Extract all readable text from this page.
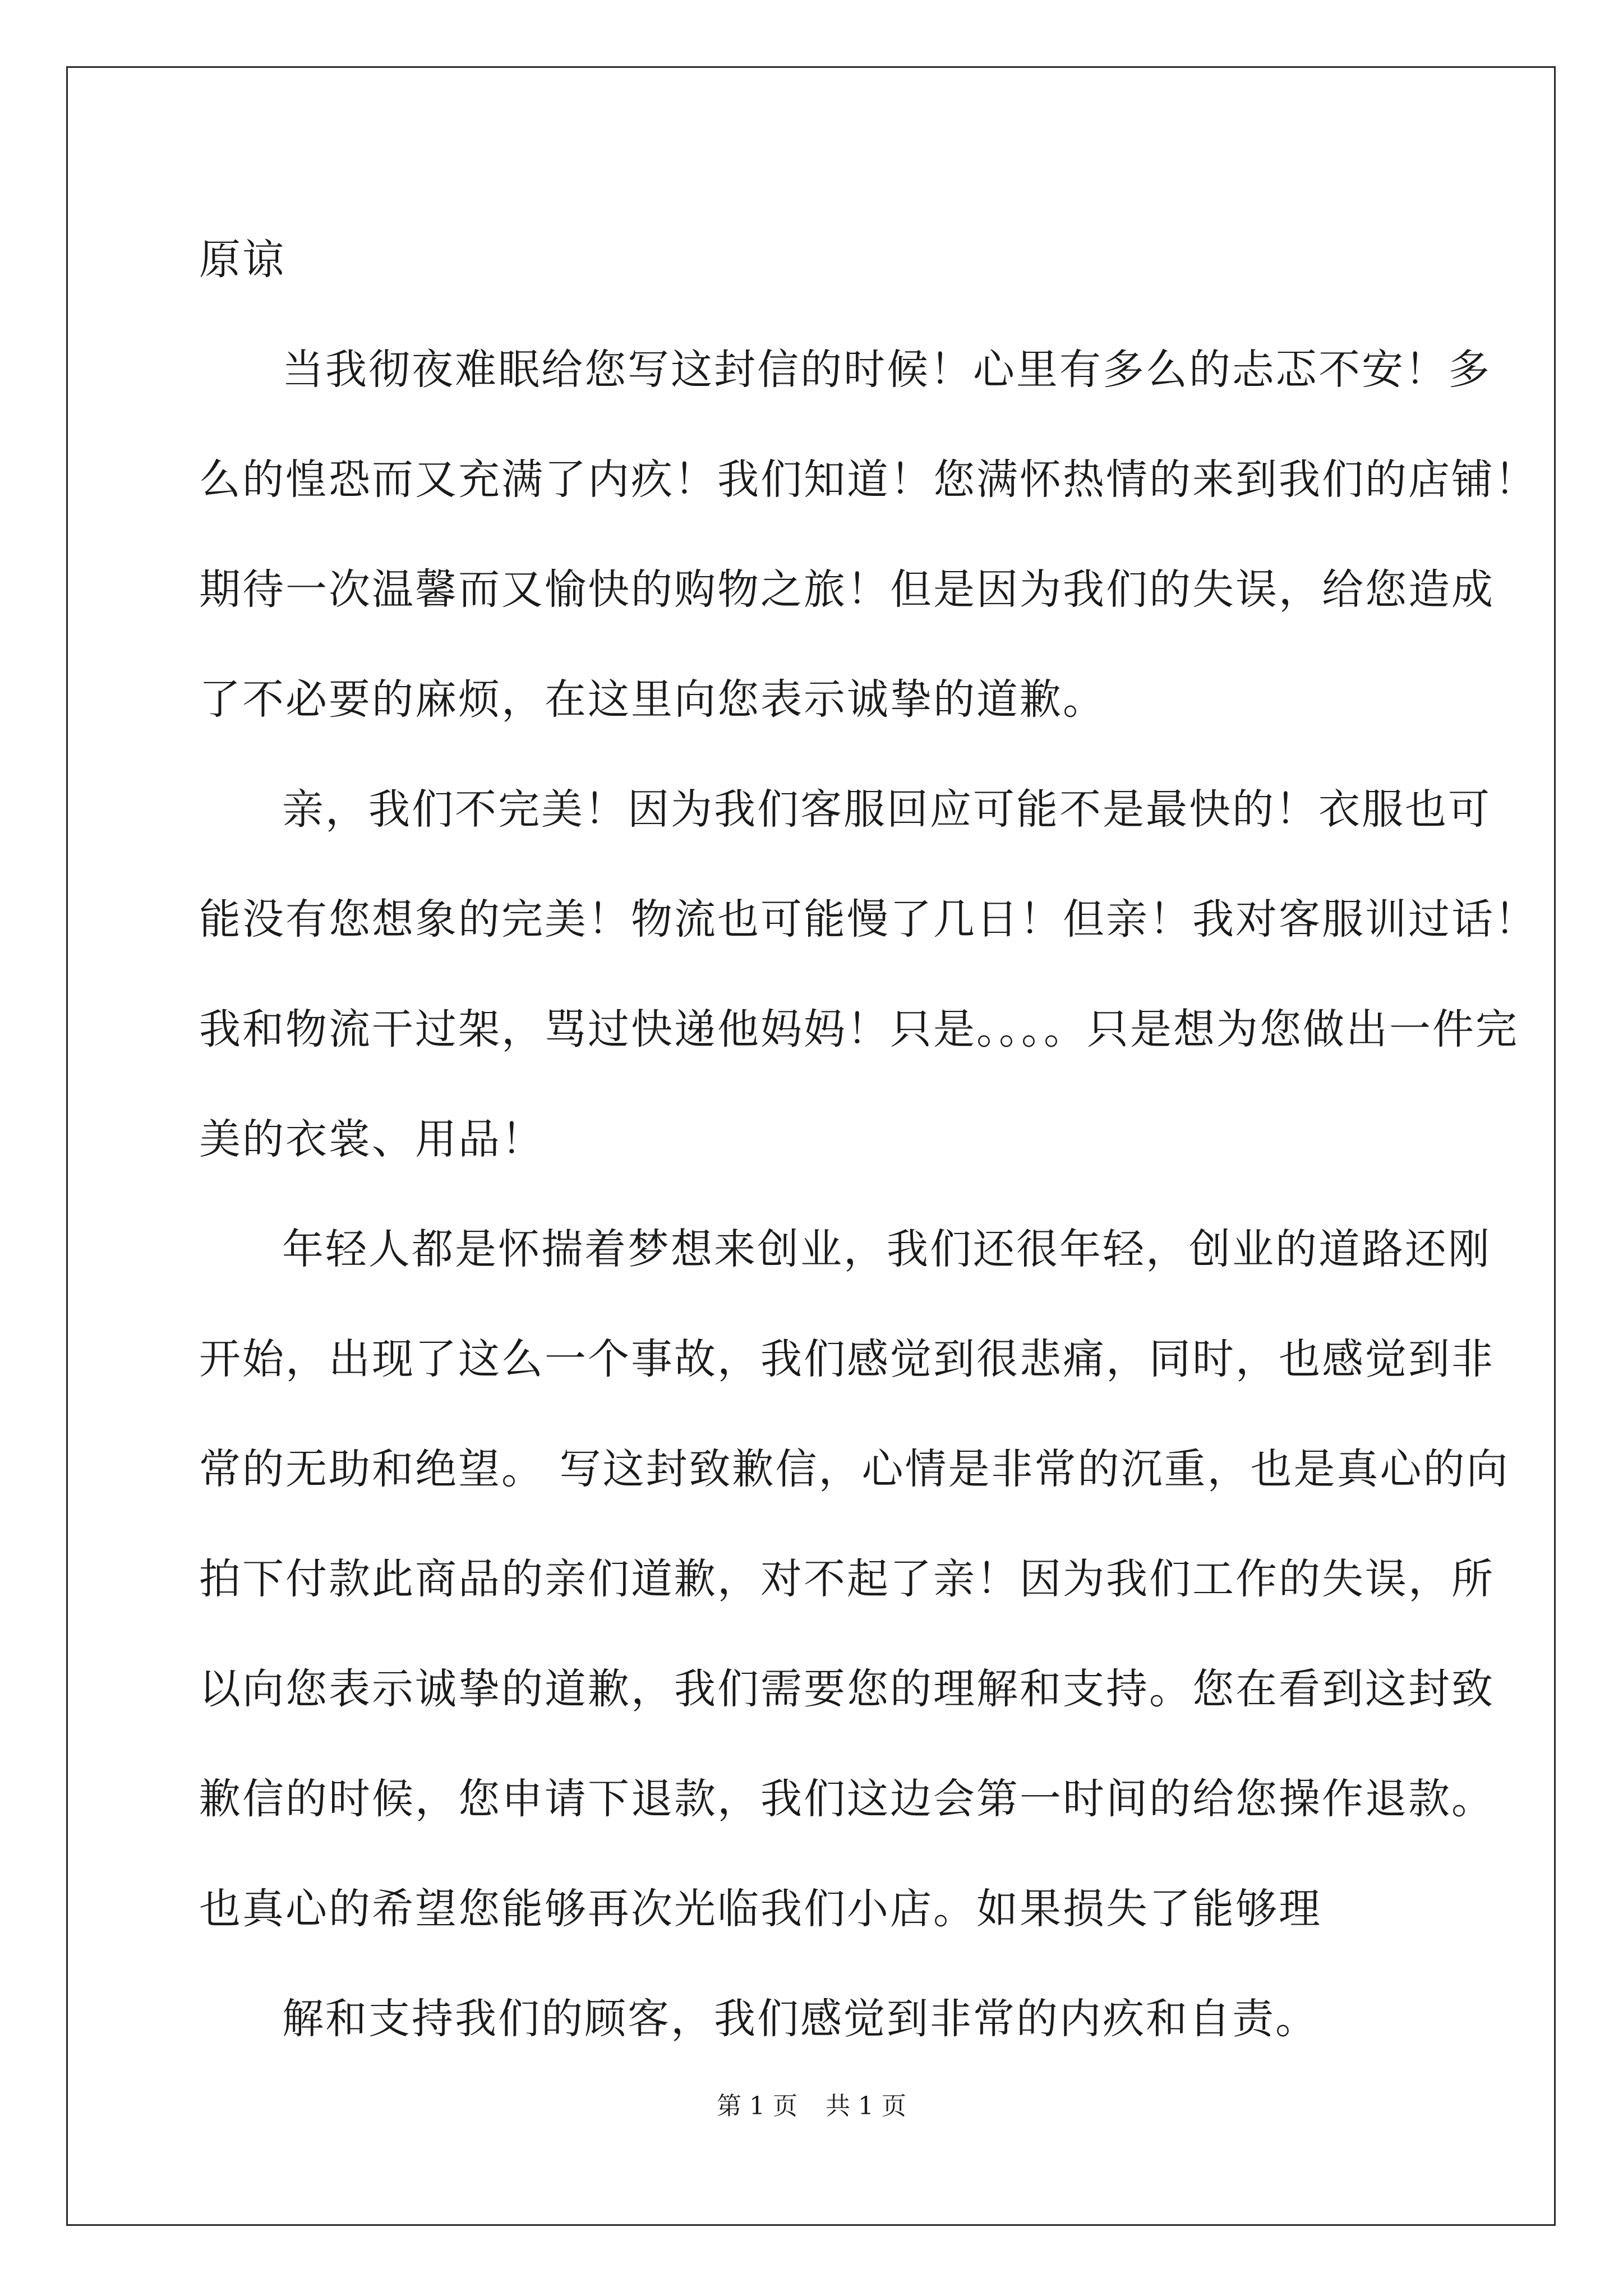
原谅

当我彻夜难眠给您写这封信的时候！心里有多么的忐忑不安！多

么的惶恐而又充满了内疚！我们知道！您满怀热情的来到我们的店铺！

期待一次温馨而又愉快的购物之旅！但是因为我们的失误，给您造成

了不必要的麻烦，在这里向您表示诚挚的道歉。

亲，我们不完美！因为我们客服回应可能不是最快的！衣服也可

能没有您想象的完美！物流也可能慢了几日！但亲！我对客服训过话！

我和物流干过架，骂过快递他妈妈！只是。。。。只是想为您做出一件完

美的衣裳、用品！

年轻人都是怀揣着梦想来创业，我们还很年轻，创业的道路还刚

开始，出现了这么一个事故，我们感觉到很悲痛，同时，也感觉到非

常的无助和绝望。 写这封致歉信，心情是非常的沉重，也是真心的向

拍下付款此商品的亲们道歉，对不起了亲！因为我们工作的失误，所

以向您表示诚挚的道歉，我们需要您的理解和支持。您在看到这封致

歉信的时候，您申请下退款，我们这边会第一时间的给您操作退款。

也真心的希望您能够再次光临我们小店。如果损失了能够理

解和支持我们的顾客，我们感觉到非常的内疚和自责。

第 1 页 共 1 页
